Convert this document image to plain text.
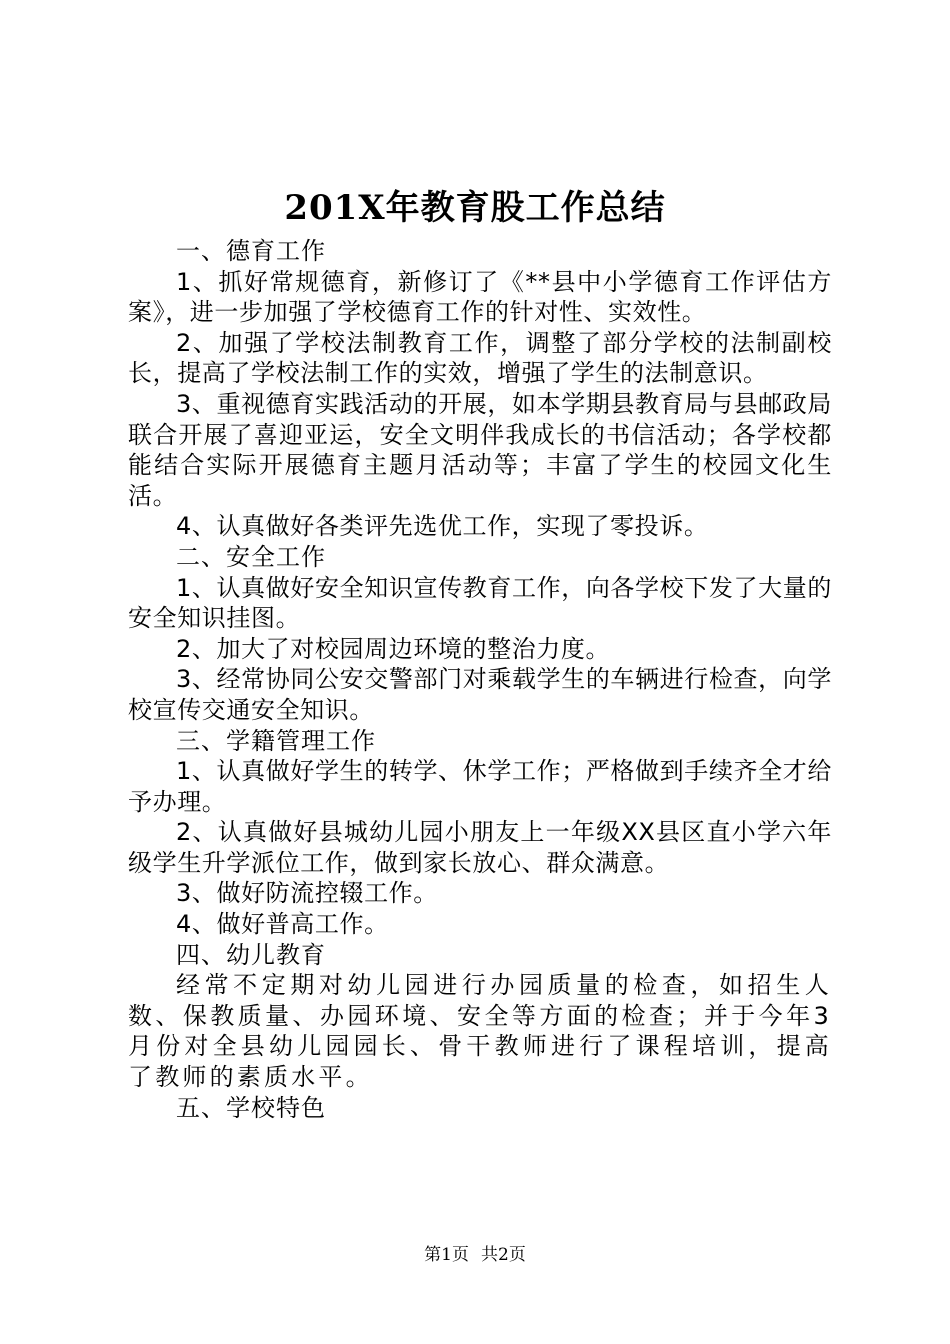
201X年教育股工作总结

一、德育工作

1、抓好常规德育，新修订了《**县中小学德育工作评估方案》，进一步加强了学校德育工作的针对性、实效性。

2、加强了学校法制教育工作，调整了部分学校的法制副校长，提高了学校法制工作的实效，增强了学生的法制意识。

3、重视德育实践活动的开展，如本学期县教育局与县邮政局联合开展了喜迎亚运，安全文明伴我成长的书信活动；各学校都能结合实际开展德育主题月活动等；丰富了学生的校园文化生活。

4、认真做好各类评先选优工作，实现了零投诉。

二、安全工作

1、认真做好安全知识宣传教育工作，向各学校下发了大量的安全知识挂图。

2、加大了对校园周边环境的整治力度。

3、经常协同公安交警部门对乘载学生的车辆进行检查，向学校宣传交通安全知识。

三、学籍管理工作

1、认真做好学生的转学、休学工作；严格做到手续齐全才给予办理。

2、认真做好县城幼儿园小朋友上一年级XX县区直小学六年级学生升学派位工作，做到家长放心、群众满意。

3、做好防流控辍工作。

4、做好普高工作。

四、幼儿教育

经常不定期对幼儿园进行办园质量的检查，如招生人数、保教质量、办园环境、安全等方面的检查；并于今年3月份对全县幼儿园园长、骨干教师进行了课程培训，提高了教师的素质水平。

五、学校特色

第1页 共2页
